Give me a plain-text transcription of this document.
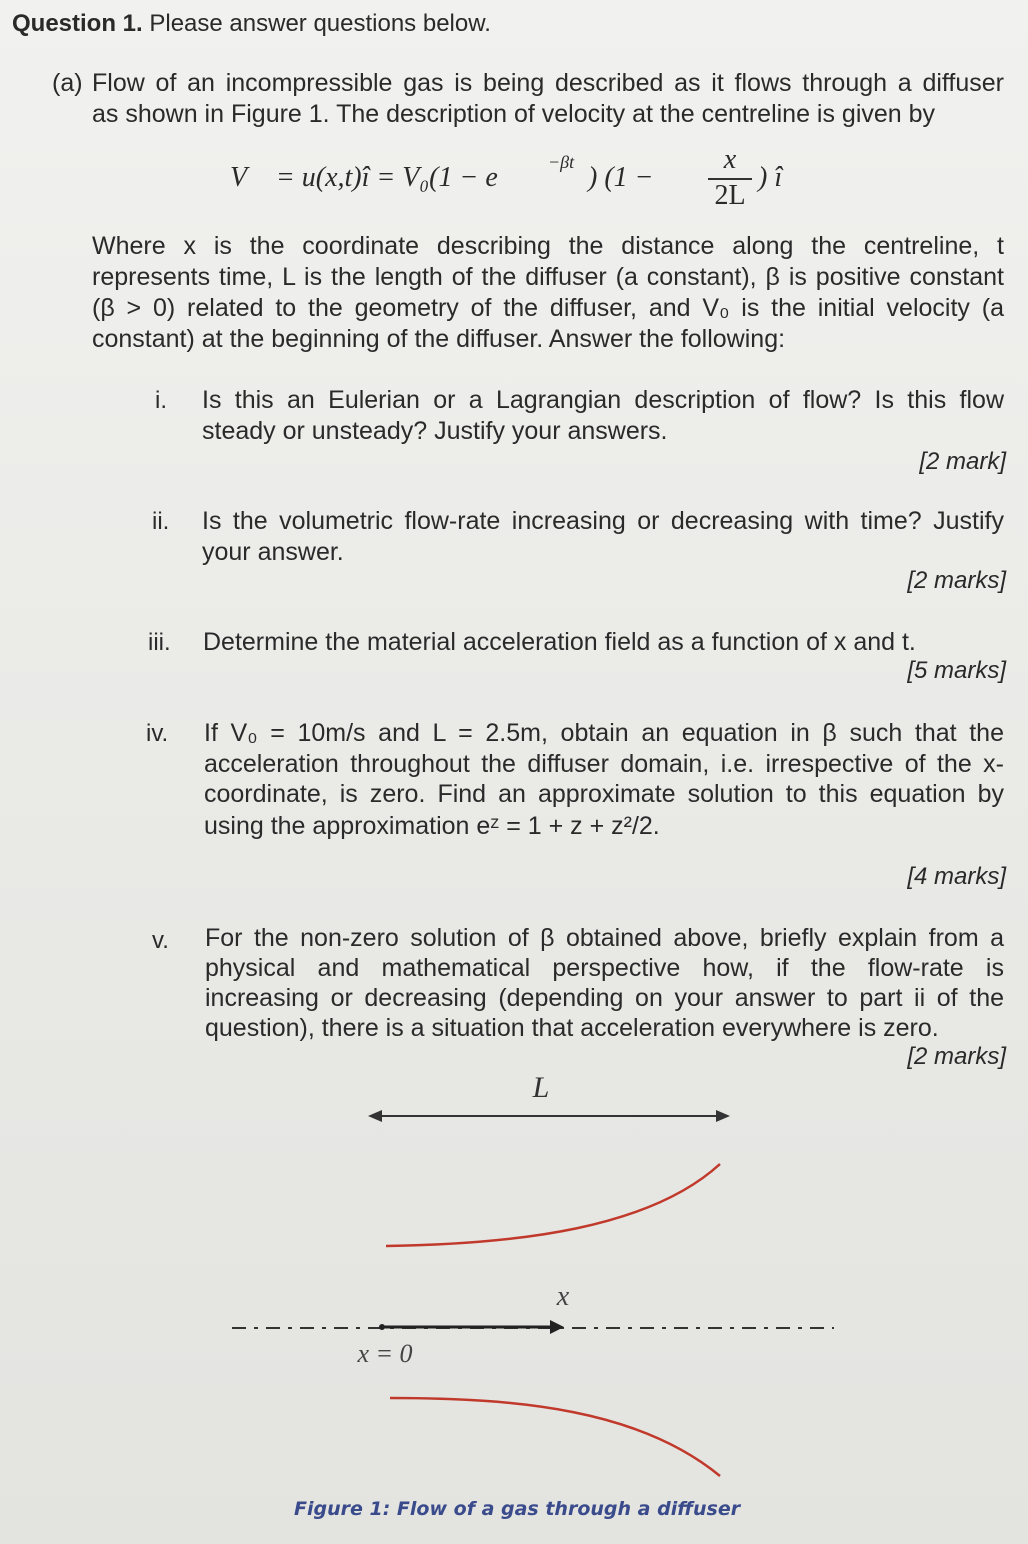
Question 1. Please answer questions below.
(a) Flow of an incompressible gas is being described as it flows through a diffuser
as shown in Figure 1. The description of velocity at the centreline is given by
V⃗ = u(x,t)î = V₀(1 − e	−βt ) (1 −
x
2L
) î
Where x is the coordinate describing the distance along the centreline, t
represents time, L is the length of the diffuser (a constant), β is positive constant
(β > 0) related to the geometry of the diffuser, and V₀ is the initial velocity (a
constant) at the beginning of the diffuser. Answer the following:
i. Is this an Eulerian or a Lagrangian description of flow? Is this flow
steady or unsteady? Justify your answers.
[2 mark]
ii. Is the volumetric flow-rate increasing or decreasing with time? Justify
your answer.
[2 marks]
iii. Determine the material acceleration field as a function of x and t.
[5 marks]
iv. If V₀ = 10m/s and L = 2.5m, obtain an equation in β such that the
acceleration throughout the diffuser domain, i.e. irrespective of the x-
coordinate, is zero. Find an approximate solution to this equation by
using the approximation eᶻ = 1 + z + z²/2.
[4 marks]
v. For the non-zero solution of β obtained above, briefly explain from a
physical and mathematical perspective how, if the flow-rate is
increasing or decreasing (depending on your answer to part ii of the
question), there is a situation that acceleration everywhere is zero.
[2 marks]
L
x
x = 0
Figure 1: Flow of a gas through a diffuser
